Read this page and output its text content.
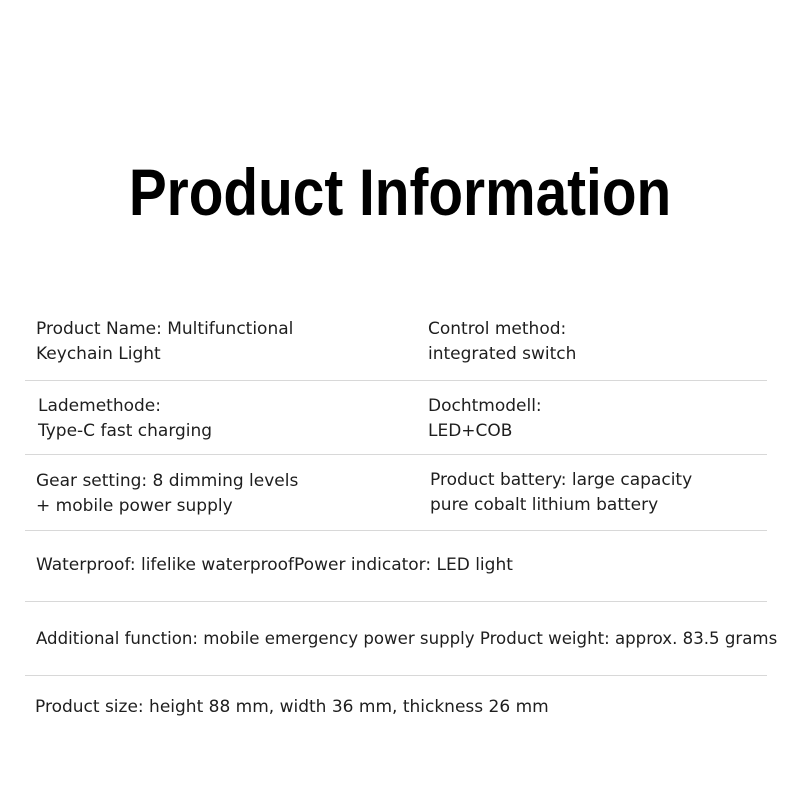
Product Information
Product Name: Multifunctional
Keychain Light
Control method:
integrated switch
Lademethode:
Type-C fast charging
Dochtmodell:
LED+COB
Gear setting: 8 dimming levels
+ mobile power supply
Product battery: large capacity
pure cobalt lithium battery
Waterproof: lifelike waterproofPower indicator: LED light
Additional function: mobile emergency power supply Product weight: approx. 83.5 grams
Product size: height 88 mm, width 36 mm, thickness 26 mm
